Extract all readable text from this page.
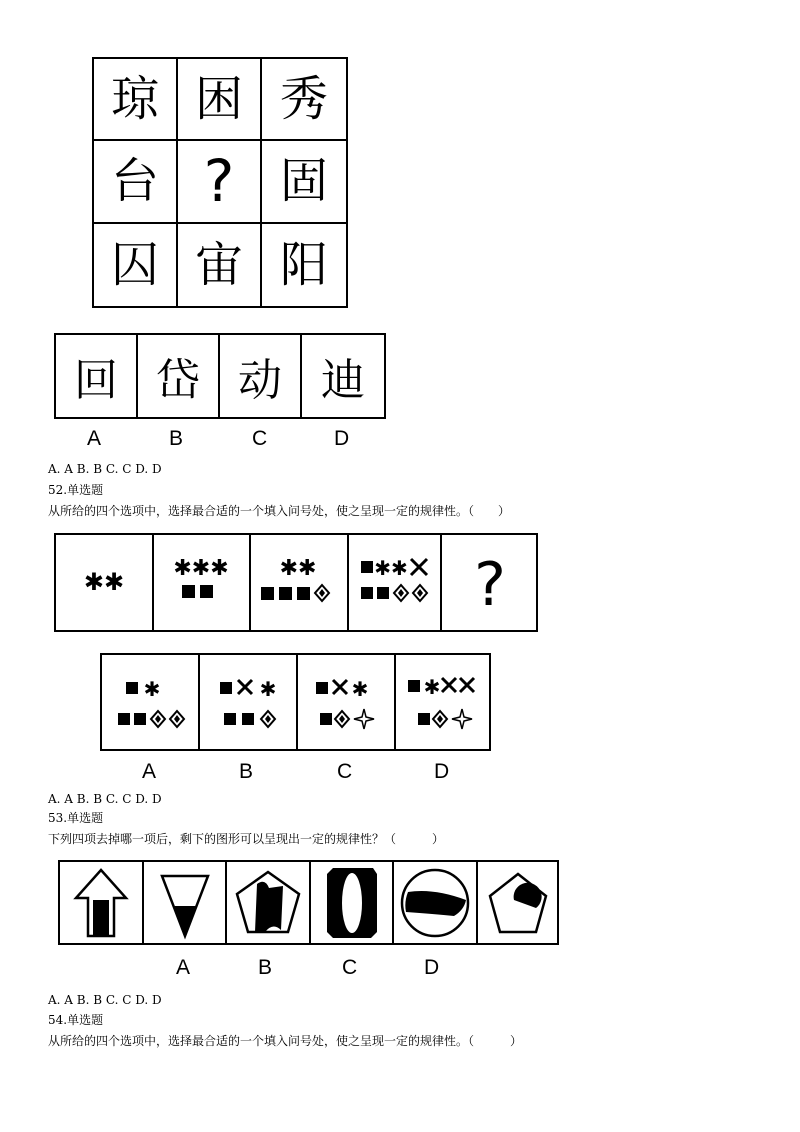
琼 困 秀
台 ? 固
囚 宙 阳
回 岱 动 迪
A	B	C	D
A. A B. B C. C D. D
52.单选题
从所给的四个选项中，选择最合适的一个填入问号处，使之呈现一定的规律性。（　　）
✱✱ ✱✱✱ ✱✱	✱✱ ?
✱	✱	✱	✱
A	B	C	D
A. A B. B C. C D. D
53.单选题
下列四项去掉哪一项后，剩下的图形可以呈现出一定的规律性？（　　　）
A	B	C	D
A. A B. B C. C D. D
54.单选题
从所给的四个选项中，选择最合适的一个填入问号处，使之呈现一定的规律性。（　　　）
